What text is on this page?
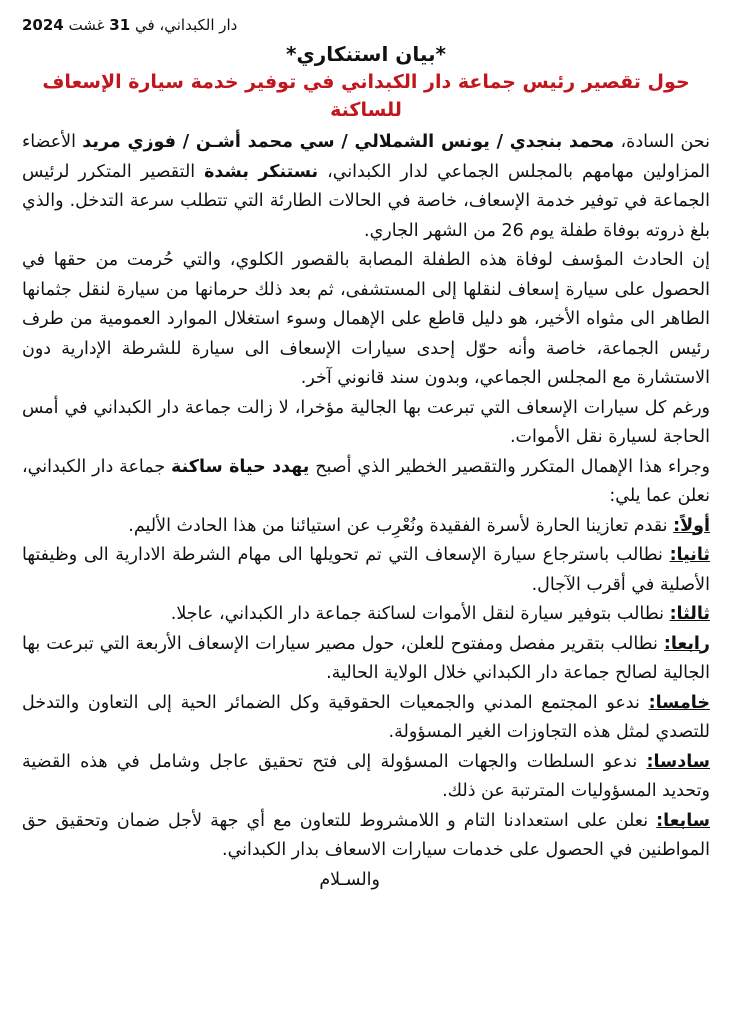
دار الكبداني، في 31 غشت 2024
*بيان استنكاري*
حول تقصير رئيس جماعة دار الكبداني في توفير خدمة سيارة الإسعاف للساكنة

نحن السادة، محمد بنجدي / يونس الشملالي / سي محمد أشـن / فوزي مريد الأعضاء المزاولين مهامهم بالمجلس الجماعي لدار الكبداني، نستنكر بشدة التقصير المتكرر لرئيس الجماعة في توفير خدمة الإسعاف، خاصة في الحالات الطارئة التي تتطلب سرعة التدخل. والذي بلغ ذروته بوفاة طفلة يوم 26 من الشهر الجاري.

إن الحادث المؤسف لوفاة هذه الطفلة المصابة بالقصور الكلوي، والتي حُرمت من حقها في الحصول على سيارة إسعاف لنقلها إلى المستشفى، ثم بعد ذلك حرمانها من سيارة لنقل جثمانها الطاهر الى مثواه الأخير، هو دليل قاطع على الإهمال وسوء استغلال الموارد العمومية من طرف رئيس الجماعة، خاصة وأنه حوّل إحدى سيارات الإسعاف الى سيارة للشرطة الإدارية دون الاستشارة مع المجلس الجماعي، وبدون سند قانوني آخر.

ورغم كل سيارات الإسعاف التي تبرعت بها الجالية مؤخرا، لا زالت جماعة دار الكبداني في أمس الحاجة لسيارة نقل الأموات.

وجراء هذا الإهمال المتكرر والتقصير الخطير الذي أصبح يهدد حياة ساكنة جماعة دار الكبداني، نعلن عما يلي:

أولاً: نقدم تعازينا الحارة لأسرة الفقيدة ونُعْرِب عن استيائنا من هذا الحادث الأليم.

ثانيا: نطالب باسترجاع سيارة الإسعاف التي تم تحويلها الى مهام الشرطة الادارية الى وظيفتها الأصلية في أقرب الآجال.

ثالثا: نطالب بتوفير سيارة لنقل الأموات لساكنة جماعة دار الكبداني، عاجلا.

رابعا: نطالب بتقرير مفصل ومفتوح للعلن، حول مصير سيارات الإسعاف الأربعة التي تبرعت بها الجالية لصالح جماعة دار الكبداني خلال الولاية الحالية.

خامسا: ندعو المجتمع المدني والجمعيات الحقوقية وكل الضمائر الحية إلى التعاون والتدخل للتصدي لمثل هذه التجاوزات الغير المسؤولة.

سادسا: ندعو السلطات والجهات المسؤولة إلى فتح تحقيق عاجل وشامل في هذه القضية وتحديد المسؤوليات المترتبة عن ذلك.

سابعا: نعلن على استعدادنا التام و اللامشروط للتعاون مع أي جهة لأجل ضمان وتحقيق حق المواطنين في الحصول على خدمات سيارات الاسعاف بدار الكبداني.

والسـلام
